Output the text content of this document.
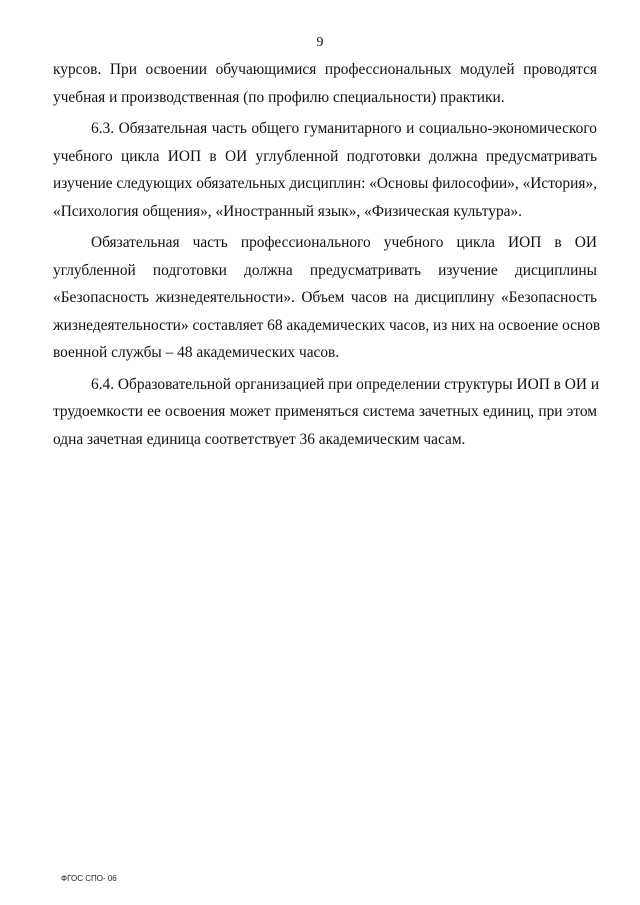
9
курсов. При освоении обучающимися профессиональных модулей проводятся
учебная и производственная (по профилю специальности) практики.
6.3. Обязательная часть общего гуманитарного и социально-экономического
учебного цикла ИОП в ОИ углубленной подготовки должна предусматривать
изучение следующих обязательных дисциплин: «Основы философии», «История»,
«Психология общения», «Иностранный язык», «Физическая культура».
Обязательная часть профессионального учебного цикла ИОП в ОИ
углубленной подготовки должна предусматривать изучение дисциплины
«Безопасность жизнедеятельности». Объем часов на дисциплину «Безопасность
жизнедеятельности» составляет 68 академических часов, из них на освоение основ
военной службы – 48 академических часов.
6.4. Образовательной организацией при определении структуры ИОП в ОИ и
трудоемкости ее освоения может применяться система зачетных единиц, при этом
одна зачетная единица соответствует 36 академическим часам.
ФГОС СПО- 06
